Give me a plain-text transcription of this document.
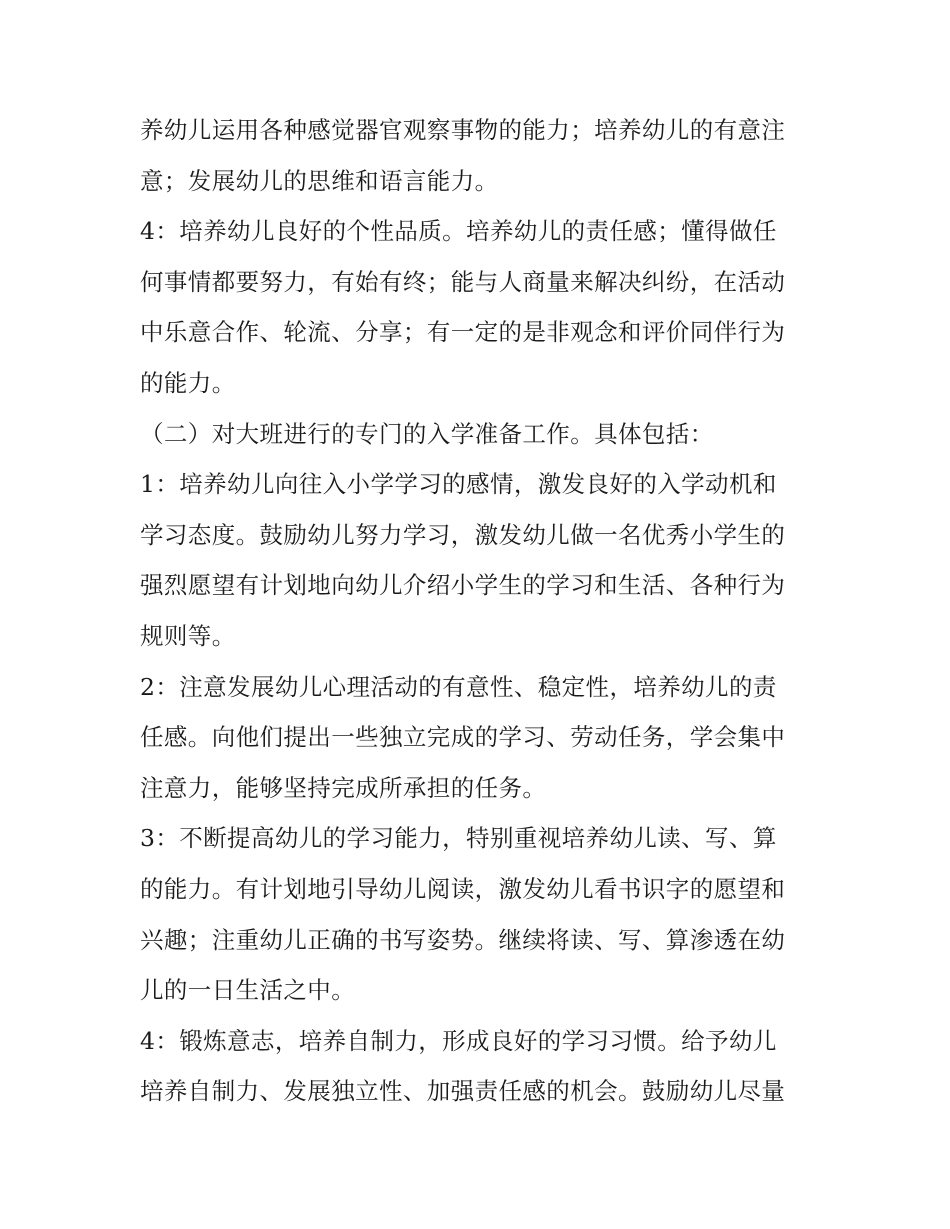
养幼儿运用各种感觉器官观察事物的能力；培养幼儿的有意注
意；发展幼儿的思维和语言能力。
4：培养幼儿良好的个性品质。培养幼儿的责任感；懂得做任
何事情都要努力，有始有终；能与人商量来解决纠纷，在活动
中乐意合作、轮流、分享；有一定的是非观念和评价同伴行为
的能力。
（二）对大班进行的专门的入学准备工作。具体包括：
1：培养幼儿向往入小学学习的感情，激发良好的入学动机和
学习态度。鼓励幼儿努力学习，激发幼儿做一名优秀小学生的
强烈愿望有计划地向幼儿介绍小学生的学习和生活、各种行为
规则等。
2：注意发展幼儿心理活动的有意性、稳定性，培养幼儿的责
任感。向他们提出一些独立完成的学习、劳动任务，学会集中
注意力，能够坚持完成所承担的任务。
3：不断提高幼儿的学习能力，特别重视培养幼儿读、写、算
的能力。有计划地引导幼儿阅读，激发幼儿看书识字的愿望和
兴趣；注重幼儿正确的书写姿势。继续将读、写、算渗透在幼
儿的一日生活之中。
4：锻炼意志，培养自制力，形成良好的学习习惯。给予幼儿
培养自制力、发展独立性、加强责任感的机会。鼓励幼儿尽量
